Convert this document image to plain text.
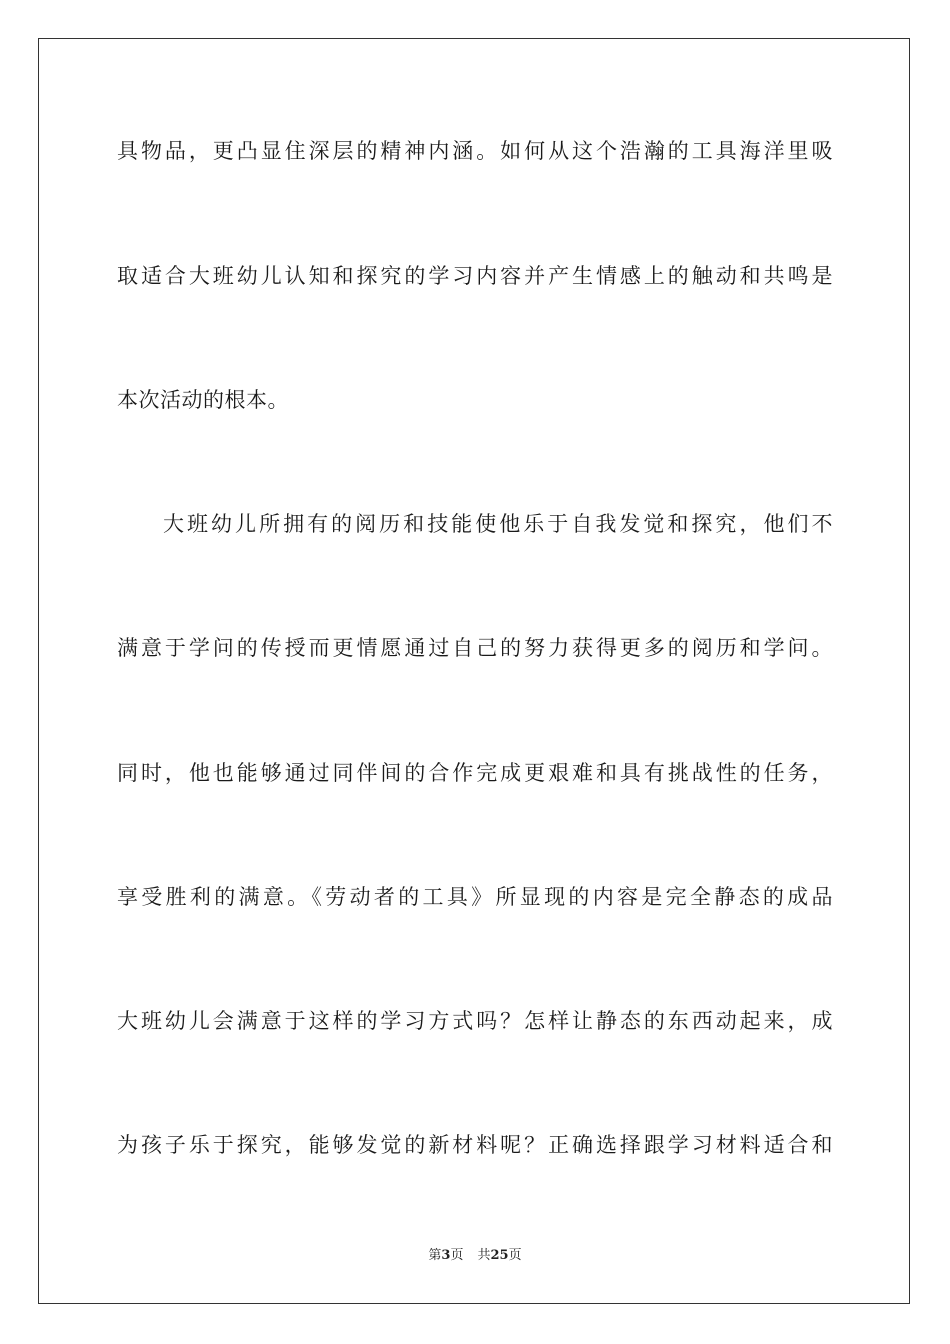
具物品，更凸显住深层的精神内涵。如何从这个浩瀚的工具海洋里吸
取适合大班幼儿认知和探究的学习内容并产生情感上的触动和共鸣是
本次活动的根本。
大班幼儿所拥有的阅历和技能使他乐于自我发觉和探究，他们不
满意于学问的传授而更情愿通过自己的努力获得更多的阅历和学问。
同时，他也能够通过同伴间的合作完成更艰难和具有挑战性的任务，
享受胜利的满意。《劳动者的工具》所显现的内容是完全静态的成品
大班幼儿会满意于这样的学习方式吗？怎样让静态的东西动起来，成
为孩子乐于探究，能够发觉的新材料呢？正确选择跟学习材料适合和
第3页 共25页
